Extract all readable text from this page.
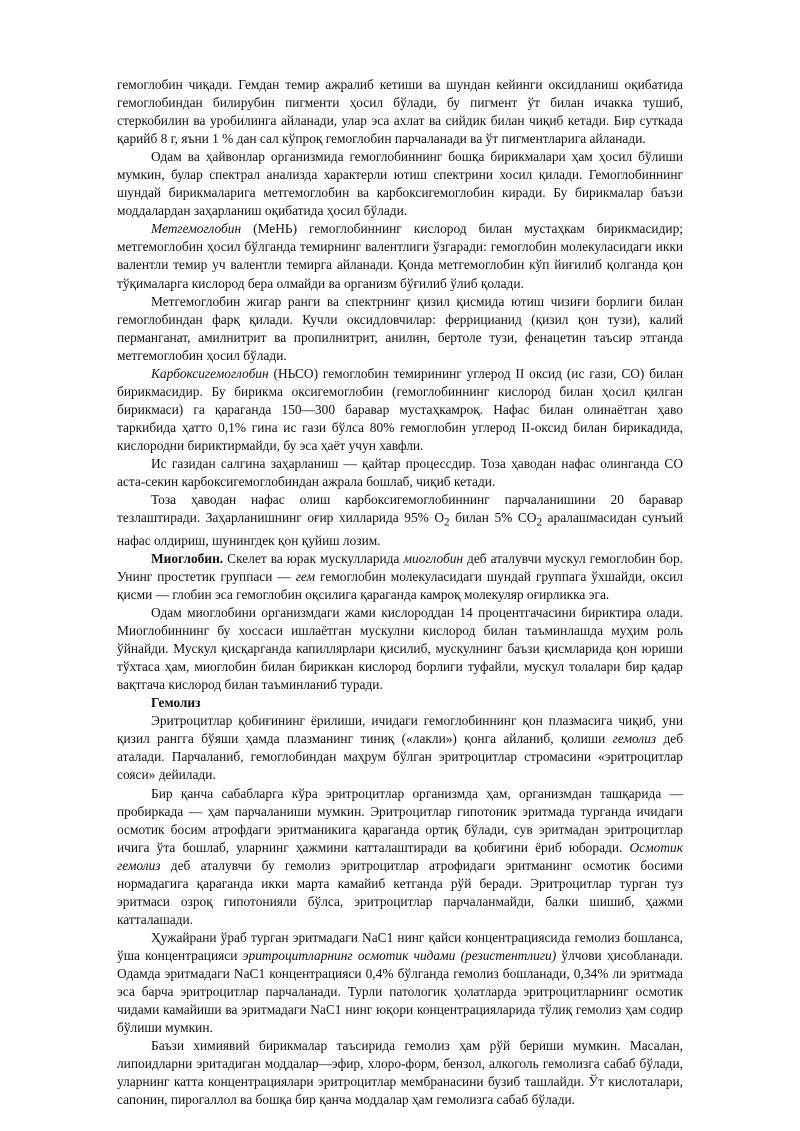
гемоглобин чиқади. Гемдан темир ажралиб кетиши ва шундан кейинги оксидланиш оқибатида гемоглобиндан билирубин пигменти ҳосил бўлади, бу пигмент ўт билан ичакка тушиб, стеркобилин ва уробилинга айланади, улар эса ахлат ва сийдик билан чиқиб кетади. Бир суткада қарийб 8 г, яъни 1 % дан сал кўпроқ гемоглобин парчаланади ва ўт пигментларига айланади.

Одам ва ҳайвонлар организмида гемоглобиннинг бошқа бирикмалари ҳам ҳосил бўлиши мумкин, булар спектрал анализда характерли ютиш спектрини хосил қилади. Гемоглобиннинг шундай бирикмаларига метгемоглобин ва карбоксигемоглобин киради. Бу бирикмалар баъзи моддалардан заҳарланиш оқибатида ҳосил бўлади.

Метгемоглобин (МеНЬ) гемоглобиннинг кислород билан мустаҳкам бирикмасидир; метгемоглобин ҳосил бўлганда темирнинг валентлиги ўзгаради: гемоглобин молекуласидаги икки валентли темир уч валентли темирга айланади. Қонда метгемоглобин кўп йиғилиб қолганда қон тўқималарга кислород бера олмайди ва организм бўғилиб ўлиб қолади.

Метгемоглобин жигар ранги ва спектрнинг қизил қисмида ютиш чизиғи борлиги билан гемоглобиндан фарқ қилади. Кучли оксидловчилар: феррицианид (қизил қон тузи), калий перманганат, амилнитрит ва пропилнитрит, анилин, бертоле тузи, фенацетин таъсир этганда метгемоглобин ҳосил бўлади.

Карбоксигемоглобин (НЬСО) гемоглобин темирининг углерод II оксид (ис гази, СО) билан бирикмасидир. Бу бирикма оксигемоглобин (гемоглобиннинг кислород билан ҳосил қилган бирикмаси) га қараганда 150—300 баравар мустаҳкамроқ. Нафас билан олинаётган ҳаво таркибида ҳатто 0,1% гина ис гази бўлса 80% гемоглобин углерод II-оксид билан бирикадида, кислородни бириктирмайди, бу эса ҳаёт учун хавфли.

Ис газидан салгина заҳарланиш — қайтар процессдир. Тоза ҳаводан нафас олинганда СО аста-секин карбоксигемоглобиндан ажрала бошлаб, чиқиб кетади.

Тоза ҳаводан нафас олиш карбоксигемоглобиннинг парчаланишини 20 баравар тезлаштиради. Заҳарланишнинг оғир хилларида 95% $O_2$ билан 5% $CO_2$ аралашмасидан сунъий нафас олдириш, шунингдек қон қуйиш лозим.

Миоглобин. Скелет ва юрак мускулларида миоглобин деб аталувчи мускул гемоглобин бор. Унинг простетик группаси — гем гемоглобин молекуласидаги шундай группага ўхшайди, оксил қисми — глобин эса гемоглобин оқсилига қараганда камроқ молекуляр оғирликка эга.

Одам миоглобини организмдаги жами кислороддан 14 процентгачасини бириктира олади. Миоглобиннинг бу хоссаси ишлаётган мускулни кислород билан таъминлашда муҳим роль ўйнайди. Мускул қисқарганда капиллярлари қисилиб, мускулнинг баъзи қисмларида қон юриши тўхтаса ҳам, миоглобин билан бириккан кислород борлиги туфайли, мускул толалари бир қадар вақтгача кислород билан таъминланиб туради.

Гемолиз

Эритроцитлар қобиғининг ёрилиши, ичидаги гемоглобиннинг қон плазмасига чиқиб, уни қизил рангга бўяши ҳамда плазманинг тиниқ («лакли») қонга айланиб, қолиши гемолиз деб аталади. Парчаланиб, гемоглобиндан маҳрум бўлган эритроцитлар стромасини «эритроцитлар сояси» дейилади.

Бир қанча сабабларга кўра эритроцитлар организмда ҳам, организмдан ташқарида — пробиркада — ҳам парчаланиши мумкин. Эритроцитлар гипотоник эритмада турганда ичидаги осмотик босим атрофдаги эритманикига қараганда ортиқ бўлади, сув эритмадан эритроцитлар ичига ўта бошлаб, уларнинг ҳажмини катталаштиради ва қобиғини ёриб юборади. Осмотик гемолиз деб аталувчи бу гемолиз эритроцитлар атрофидаги эритманинг осмотик босими нормадагига қараганда икки марта камайиб кетганда рўй беради. Эритроцитлар турган туз эритмаси озроқ гипотонияли бўлса, эритроцитлар парчаланмайди, балки шишиб, ҳажми катталашади.

Ҳужайрани ўраб турган эритмадаги NaC1 нинг қайси концентрациясида гемолиз бошланса, ўша концентрацияси эритроцитларнинг осмотик чидами (резистентлиги) ўлчови ҳисобланади. Одамда эритмадаги NaC1 концентрацияси 0,4% бўлганда гемолиз бошланади, 0,34% ли эритмада эса барча эритроцитлар парчаланади. Турли патологик ҳолатларда эритроцитларнинг осмотик чидами камайиши ва эритмадаги NaC1 нинг юқори концентрацияларида тўлиқ гемолиз ҳам содир бўлиши мумкин.

Баъзи химиявий бирикмалар таъсирида гемолиз ҳам рўй бериши мумкин. Масалан, липоидларни эритадиган моддалар—эфир, хлоро-форм, бензол, алкоголь гемолизга сабаб бўлади, уларнинг катта концентрациялари эритроцитлар мембранасини бузиб ташлайди. Ўт кислоталари, сапонин, пирогаллол ва бошқа бир қанча моддалар ҳам гемолизга сабаб бўлади.
